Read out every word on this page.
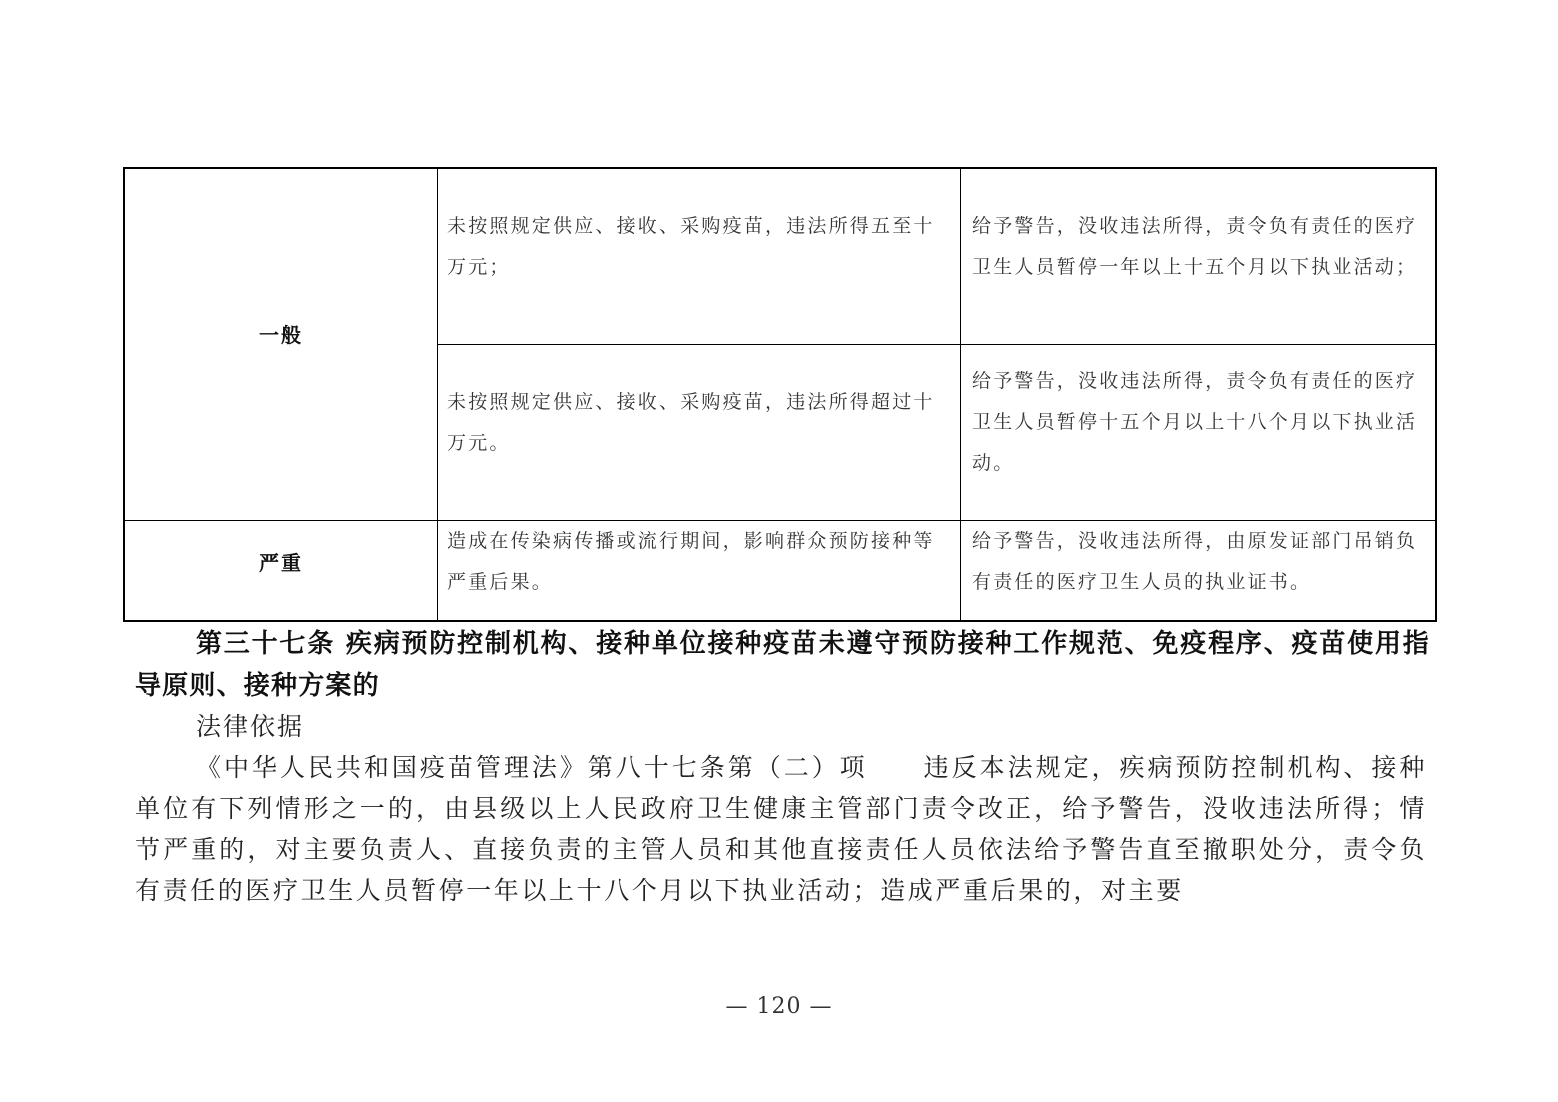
一般
未按照规定供应、接收、采购疫苗，违法所得五至十万元；
给予警告，没收违法所得，责令负有责任的医疗卫生人员暂停一年以上十五个月以下执业活动；
未按照规定供应、接收、采购疫苗，违法所得超过十万元。
给予警告，没收违法所得，责令负有责任的医疗卫生人员暂停十五个月以上十八个月以下执业活动。
严重
造成在传染病传播或流行期间，影响群众预防接种等严重后果。
给予警告，没收违法所得，由原发证部门吊销负有责任的医疗卫生人员的执业证书。
第三十七条 疾病预防控制机构、接种单位接种疫苗未遵守预防接种工作规范、免疫程序、疫苗使用指导原则、接种方案的
法律依据
《中华人民共和国疫苗管理法》第八十七条第（二）项　　违反本法规定，疾病预防控制机构、接种单位有下列情形之一的，由县级以上人民政府卫生健康主管部门责令改正，给予警告，没收违法所得；情节严重的，对主要负责人、直接负责的主管人员和其他直接责任人员依法给予警告直至撤职处分，责令负有责任的医疗卫生人员暂停一年以上十八个月以下执业活动；造成严重后果的，对主要
— 120 —
